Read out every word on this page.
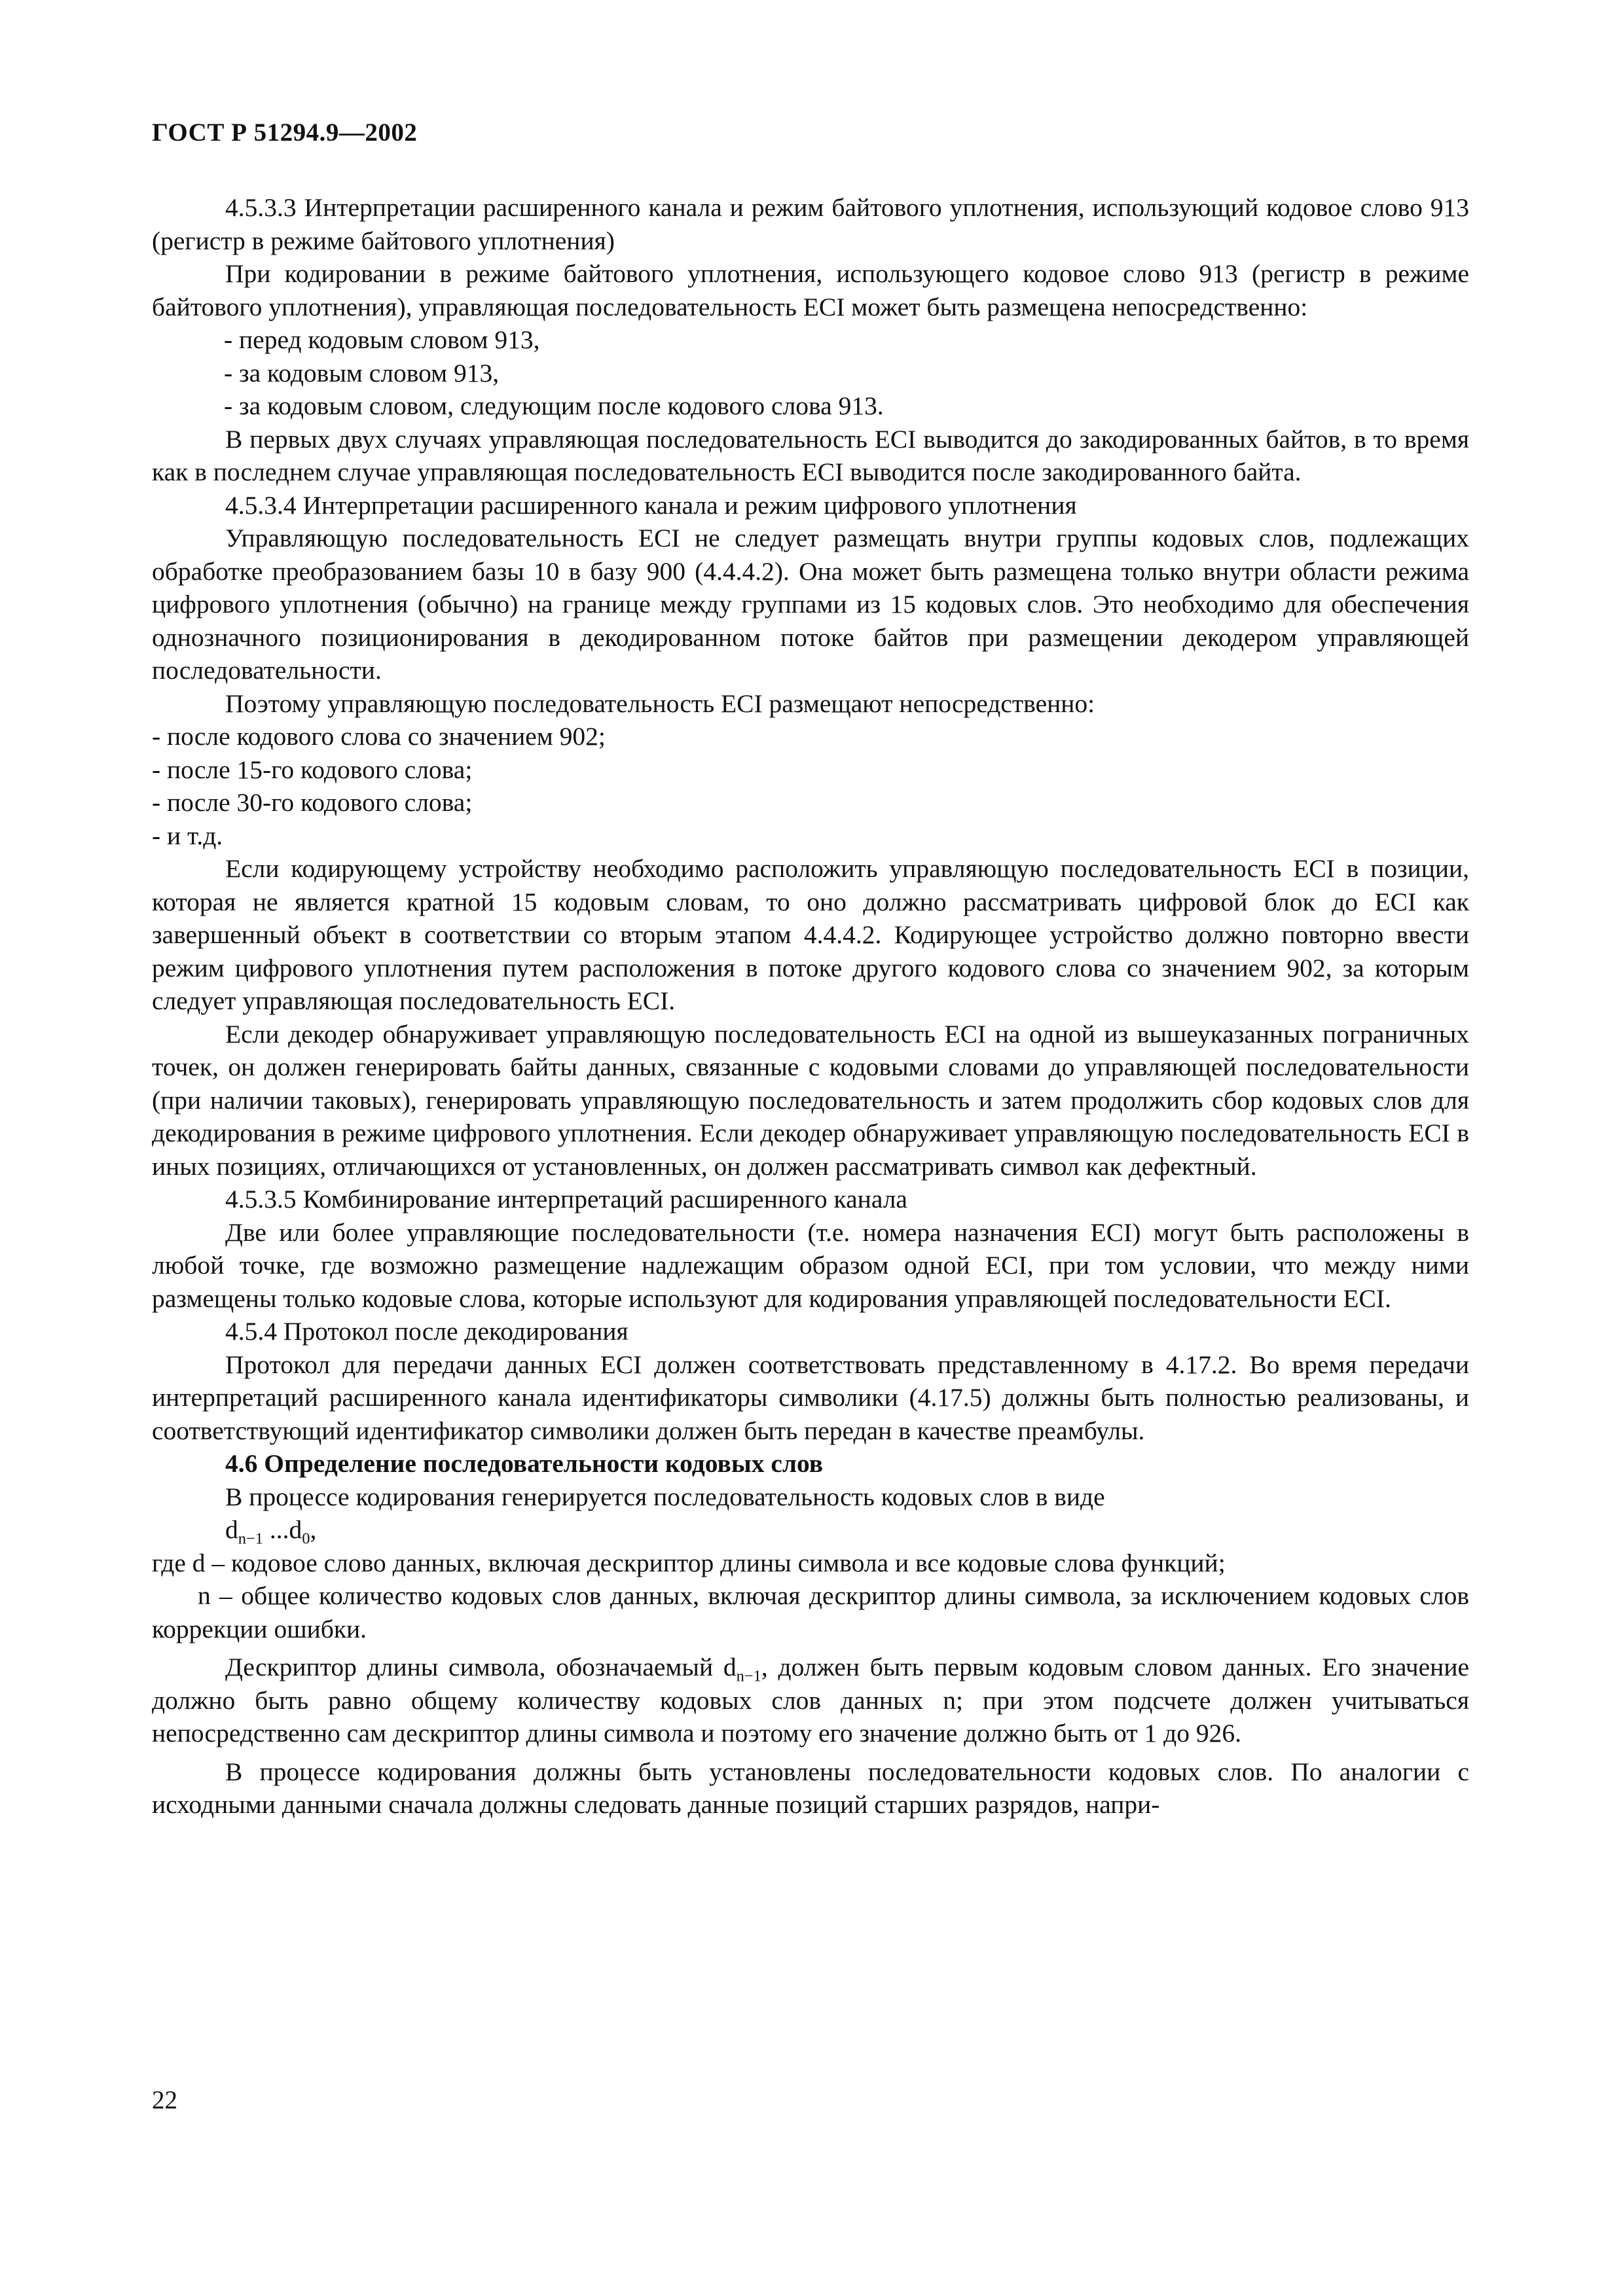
ГОСТ Р 51294.9—2002

4.5.3.3 Интерпретации расширенного канала и режим байтового уплотнения, использующий кодовое слово 913 (регистр в режиме байтового уплотнения)

При кодировании в режиме байтового уплотнения, использующего кодовое слово 913 (регистр в режиме байтового уплотнения), управляющая последовательность ECI может быть размещена непосредственно:

- перед кодовым словом 913,

- за кодовым словом 913,

- за кодовым словом, следующим после кодового слова 913.

В первых двух случаях управляющая последовательность ECI выводится до закодированных байтов, в то время как в последнем случае управляющая последовательность ECI выводится после закодированного байта.

4.5.3.4 Интерпретации расширенного канала и режим цифрового уплотнения

Управляющую последовательность ECI не следует размещать внутри группы кодовых слов, подлежащих обработке преобразованием базы 10 в базу 900 (4.4.4.2). Она может быть размещена только внутри области режима цифрового уплотнения (обычно) на границе между группами из 15 кодовых слов. Это необходимо для обеспечения однозначного позиционирования в декодированном потоке байтов при размещении декодером управляющей последовательности.

Поэтому управляющую последовательность ECI размещают непосредственно:

- после кодового слова со значением 902;

- после 15-го кодового слова;

- после 30-го кодового слова;

- и т.д.

Если кодирующему устройству необходимо расположить управляющую последовательность ECI в позиции, которая не является кратной 15 кодовым словам, то оно должно рассматривать цифровой блок до ECI как завершенный объект в соответствии со вторым этапом 4.4.4.2. Кодирующее устройство должно повторно ввести режим цифрового уплотнения путем расположения в потоке другого кодового слова со значением 902, за которым следует управляющая последовательность ECI.

Если декодер обнаруживает управляющую последовательность ECI на одной из вышеуказанных пограничных точек, он должен генерировать байты данных, связанные с кодовыми словами до управляющей последовательности (при наличии таковых), генерировать управляющую последовательность и затем продолжить сбор кодовых слов для декодирования в режиме цифрового уплотнения. Если декодер обнаруживает управляющую последовательность ECI в иных позициях, отличающихся от установленных, он должен рассматривать символ как дефектный.

4.5.3.5 Комбинирование интерпретаций расширенного канала

Две или более управляющие последовательности (т.е. номера назначения ECI) могут быть расположены в любой точке, где возможно размещение надлежащим образом одной ECI, при том условии, что между ними размещены только кодовые слова, которые используют для кодирования управляющей последовательности ECI.

4.5.4 Протокол после декодирования

Протокол для передачи данных ECI должен соответствовать представленному в 4.17.2. Во время передачи интерпретаций расширенного канала идентификаторы символики (4.17.5) должны быть полностью реализованы, и соответствующий идентификатор символики должен быть передан в качестве преамбулы.

4.6 Определение последовательности кодовых слов

В процессе кодирования генерируется последовательность кодовых слов в виде

$d_{n-1}$ $...d_0$,

где d – кодовое слово данных, включая дескриптор длины символа и все кодовые слова функций;

n – общее количество кодовых слов данных, включая дескриптор длины символа, за исключением кодовых слов коррекции ошибки.

Дескриптор длины символа, обозначаемый $d_{n-1}$, должен быть первым кодовым словом данных. Его значение должно быть равно общему количеству кодовых слов данных n; при этом подсчете должен учитываться непосредственно сам дескриптор длины символа и поэтому его значение должно быть от 1 до 926.

В процессе кодирования должны быть установлены последовательности кодовых слов. По аналогии с исходными данными сначала должны следовать данные позиций старших разрядов, напри-

22
